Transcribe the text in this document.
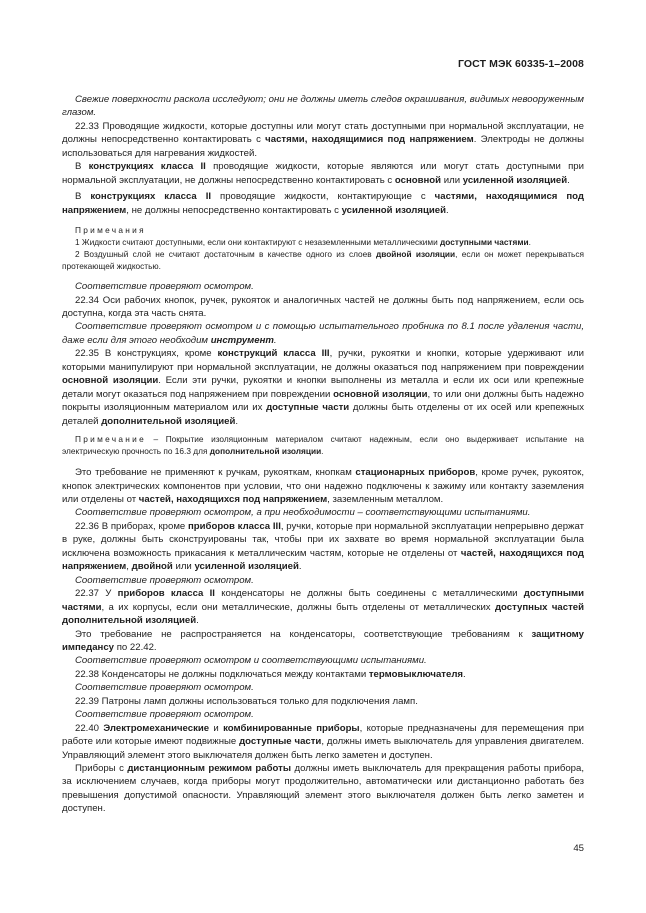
ГОСТ МЭК 60335-1–2008

Свежие поверхности раскола исследуют; они не должны иметь следов окрашивания, видимых невооруженным глазом.

22.33 Проводящие жидкости, которые доступны или могут стать доступными при нормальной эксплуатации, не должны непосредственно контактировать с частями, находящимися под напряжением. Электроды не должны использоваться для нагревания жидкостей.

В конструкциях класса II проводящие жидкости, которые являются или могут стать доступными при нормальной эксплуатации, не должны непосредственно контактировать с основной или усиленной изоляцией.

В конструкциях класса II проводящие жидкости, контактирующие с частями, находящимися под напряжением, не должны непосредственно контактировать с усиленной изоляцией.

Примечания

1 Жидкости считают доступными, если они контактируют с незаземленными металлическими доступными частями.

2 Воздушный слой не считают достаточным в качестве одного из слоев двойной изоляции, если он может перекрываться протекающей жидкостью.

Соответствие проверяют осмотром.

22.34 Оси рабочих кнопок, ручек, рукояток и аналогичных частей не должны быть под напряжением, если ось доступна, когда эта часть снята.

Соответствие проверяют осмотром и с помощью испытательного пробника по 8.1 после удаления части, даже если для этого необходим инструмент.

22.35 В конструкциях, кроме конструкций класса III, ручки, рукоятки и кнопки, которые удерживают или которыми манипулируют при нормальной эксплуатации, не должны оказаться под напряжением при повреждении основной изоляции. Если эти ручки, рукоятки и кнопки выполнены из металла и если их оси или крепежные детали могут оказаться под напряжением при повреждении основной изоляции, то или они должны быть надежно покрыты изоляционным материалом или их доступные части должны быть отделены от их осей или крепежных деталей дополнительной изоляцией.

Примечание – Покрытие изоляционным материалом считают надежным, если оно выдерживает испытание на электрическую прочность по 16.3 для дополнительной изоляции.

Это требование не применяют к ручкам, рукояткам, кнопкам стационарных приборов, кроме ручек, рукояток, кнопок электрических компонентов при условии, что они надежно подключены к зажиму или контакту заземления или отделены от частей, находящихся под напряжением, заземленным металлом.

Соответствие проверяют осмотром, а при необходимости – соответствующими испытаниями.

22.36 В приборах, кроме приборов класса III, ручки, которые при нормальной эксплуатации непрерывно держат в руке, должны быть сконструированы так, чтобы при их захвате во время нормальной эксплуатации была исключена возможность прикасания к металлическим частям, которые не отделены от частей, находящихся под напряжением, двойной или усиленной изоляцией.

Соответствие проверяют осмотром.

22.37 У приборов класса II конденсаторы не должны быть соединены с металлическими доступными частями, а их корпусы, если они металлические, должны быть отделены от металлических доступных частей дополнительной изоляцией.

Это требование не распространяется на конденсаторы, соответствующие требованиям к защитному импедансу по 22.42.

Соответствие проверяют осмотром и соответствующими испытаниями.

22.38 Конденсаторы не должны подключаться между контактами термовыключателя.

Соответствие проверяют осмотром.

22.39 Патроны ламп должны использоваться только для подключения ламп.

Соответствие проверяют осмотром.

22.40 Электромеханические и комбинированные приборы, которые предназначены для перемещения при работе или которые имеют подвижные доступные части, должны иметь выключатель для управления двигателем. Управляющий элемент этого выключателя должен быть легко заметен и доступен.

Приборы с дистанционным режимом работы должны иметь выключатель для прекращения работы прибора, за исключением случаев, когда приборы могут продолжительно, автоматически или дистанционно работать без превышения допустимой опасности. Управляющий элемент этого выключателя должен быть легко заметен и доступен.

45
